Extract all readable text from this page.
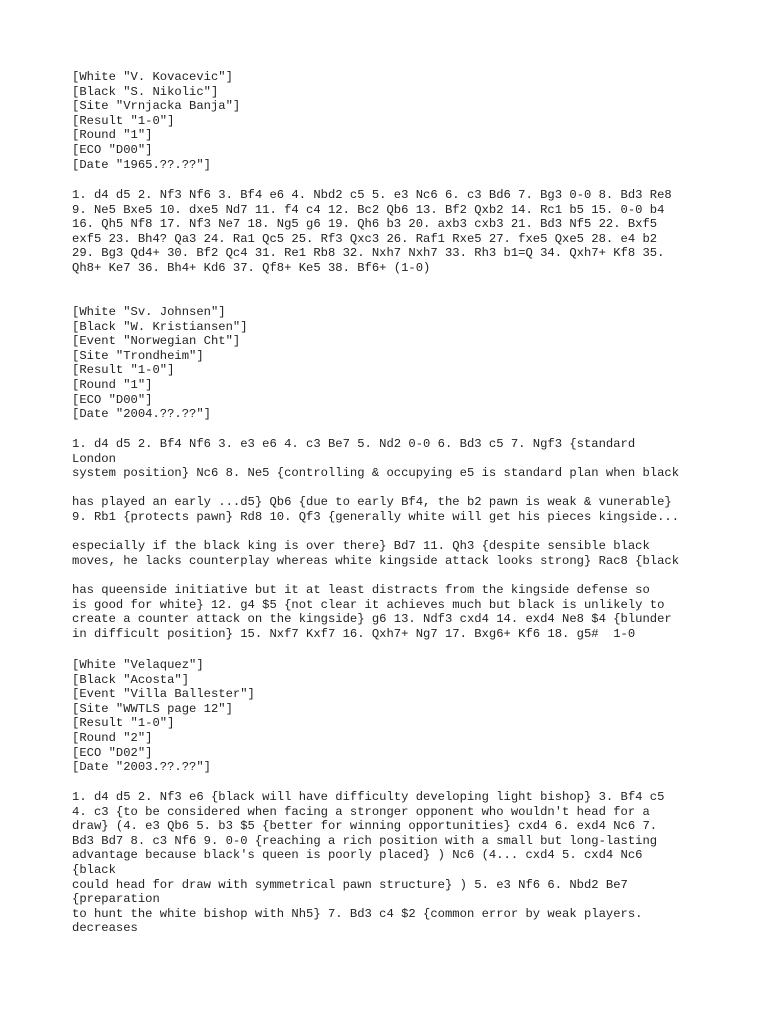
[White "V. Kovacevic"]
[Black "S. Nikolic"]
[Site "Vrnjacka Banja"]
[Result "1-0"]
[Round "1"]
[ECO "D00"]
[Date "1965.??.??"]
1. d4 d5 2. Nf3 Nf6 3. Bf4 e6 4. Nbd2 c5 5. e3 Nc6 6. c3 Bd6 7. Bg3 0-0 8. Bd3 Re8
9. Ne5 Bxe5 10. dxe5 Nd7 11. f4 c4 12. Bc2 Qb6 13. Bf2 Qxb2 14. Rc1 b5 15. 0-0 b4
16. Qh5 Nf8 17. Nf3 Ne7 18. Ng5 g6 19. Qh6 b3 20. axb3 cxb3 21. Bd3 Nf5 22. Bxf5
exf5 23. Bh4? Qa3 24. Ra1 Qc5 25. Rf3 Qxc3 26. Raf1 Rxe5 27. fxe5 Qxe5 28. e4 b2
29. Bg3 Qd4+ 30. Bf2 Qc4 31. Re1 Rb8 32. Nxh7 Nxh7 33. Rh3 b1=Q 34. Qxh7+ Kf8 35.
Qh8+ Ke7 36. Bh4+ Kd6 37. Qf8+ Ke5 38. Bf6+ (1-0)
[White "Sv. Johnsen"]
[Black "W. Kristiansen"]
[Event "Norwegian Cht"]
[Site "Trondheim"]
[Result "1-0"]
[Round "1"]
[ECO "D00"]
[Date "2004.??.??"]
1. d4 d5 2. Bf4 Nf6 3. e3 e6 4. c3 Be7 5. Nd2 0-0 6. Bd3 c5 7. Ngf3 {standard
London
system position} Nc6 8. Ne5 {controlling & occupying e5 is standard plan when black

has played an early ...d5} Qb6 {due to early Bf4, the b2 pawn is weak & vunerable}
9. Rb1 {protects pawn} Rd8 10. Qf3 {generally white will get his pieces kingside...

especially if the black king is over there} Bd7 11. Qh3 {despite sensible black
moves, he lacks counterplay whereas white kingside attack looks strong} Rac8 {black

has queenside initiative but it at least distracts from the kingside defense so
is good for white} 12. g4 $5 {not clear it achieves much but black is unlikely to
create a counter attack on the kingside} g6 13. Ndf3 cxd4 14. exd4 Ne8 $4 {blunder
in difficult position} 15. Nxf7 Kxf7 16. Qxh7+ Ng7 17. Bxg6+ Kf6 18. g5#  1-0
[White "Velaquez"]
[Black "Acosta"]
[Event "Villa Ballester"]
[Site "WWTLS page 12"]
[Result "1-0"]
[Round "2"]
[ECO "D02"]
[Date "2003.??.??"]
1. d4 d5 2. Nf3 e6 {black will have difficulty developing light bishop} 3. Bf4 c5
4. c3 {to be considered when facing a stronger opponent who wouldn't head for a
draw} (4. e3 Qb6 5. b3 $5 {better for winning opportunities} cxd4 6. exd4 Nc6 7.
Bd3 Bd7 8. c3 Nf6 9. 0-0 {reaching a rich position with a small but long-lasting
advantage because black's queen is poorly placed} ) Nc6 (4... cxd4 5. cxd4 Nc6
{black
could head for draw with symmetrical pawn structure} ) 5. e3 Nf6 6. Nbd2 Be7
{preparation
to hunt the white bishop with Nh5} 7. Bd3 c4 $2 {common error by weak players.
decreases
